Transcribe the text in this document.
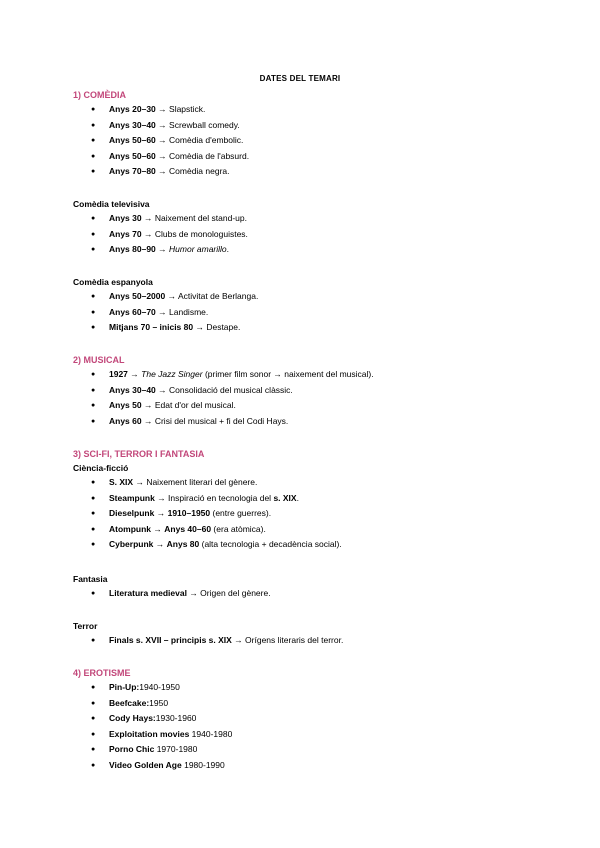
DATES DEL TEMARI
1) COMÈDIA
● Anys 20–30 → Slapstick.
● Anys 30–40 → Screwball comedy.
● Anys 50–60 → Comèdia d'embolic.
● Anys 50–60 → Comèdia de l'absurd.
● Anys 70–80 → Comèdia negra.
Comèdia televisiva
● Anys 30 → Naixement del stand-up.
● Anys 70 → Clubs de monologuistes.
● Anys 80–90 → Humor amarillo.
Comèdia espanyola
● Anys 50–2000 → Activitat de Berlanga.
● Anys 60–70 → Landisme.
● Mitjans 70 – inicis 80 → Destape.
2) MUSICAL
● 1927 → The Jazz Singer (primer film sonor → naixement del musical).
● Anys 30–40 → Consolidació del musical clàssic.
● Anys 50 → Edat d'or del musical.
● Anys 60 → Crisi del musical + fi del Codi Hays.
3) SCI-FI, TERROR I FANTASIA
Ciència-ficció
● S. XIX → Naixement literari del gènere.
● Steampunk → Inspiració en tecnologia del s. XIX.
● Dieselpunk → 1910–1950 (entre guerres).
● Atompunk → Anys 40–60 (era atòmica).
● Cyberpunk → Anys 80 (alta tecnologia + decadència social).
Fantasia
● Literatura medieval → Origen del gènere.
Terror
● Finals s. XVII – principis s. XIX → Orígens literaris del terror.
4) EROTISME
● Pin-Up:1940-1950
● Beefcake:1950
● Cody Hays:1930-1960
● Exploitation movies 1940-1980
● Porno Chic 1970-1980
● Video Golden Age 1980-1990
